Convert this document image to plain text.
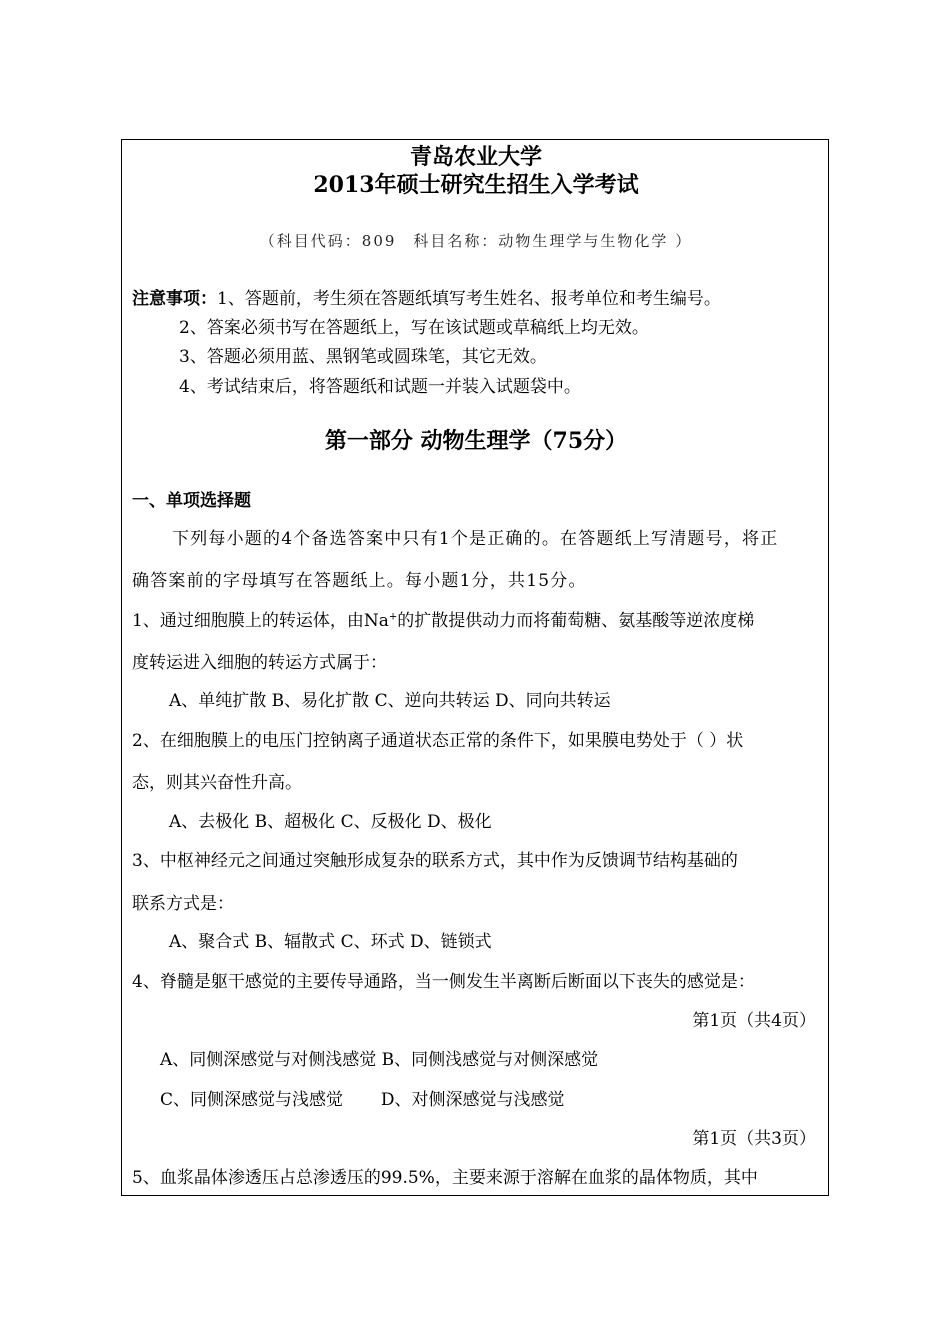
青岛农业大学
2013年硕士研究生招生入学考试
（科目代码：809　科目名称：动物生理学与生物化学 ）
注意事项：1、答题前，考生须在答题纸填写考生姓名、报考单位和考生编号。
2、答案必须书写在答题纸上，写在该试题或草稿纸上均无效。
3、答题必须用蓝、黑钢笔或圆珠笔，其它无效。
4、考试结束后，将答题纸和试题一并装入试题袋中。
第一部分 动物生理学（75分）
一、单项选择题
下列每小题的4个备选答案中只有1个是正确的。在答题纸上写清题号，将正
确答案前的字母填写在答题纸上。每小题1分，共15分。
1、通过细胞膜上的转运体，由Na+的扩散提供动力而将葡萄糖、氨基酸等逆浓度梯
度转运进入细胞的转运方式属于：
A、单纯扩散 B、易化扩散 C、逆向共转运 D、同向共转运
2、在细胞膜上的电压门控钠离子通道状态正常的条件下，如果膜电势处于（ ）状
态，则其兴奋性升高。
A、去极化 B、超极化 C、反极化 D、极化
3、中枢神经元之间通过突触形成复杂的联系方式，其中作为反馈调节结构基础的
联系方式是：
A、聚合式 B、辐散式 C、环式 D、链锁式
4、脊髓是躯干感觉的主要传导通路，当一侧发生半离断后断面以下丧失的感觉是：
第1页（共4页）
A、同侧深感觉与对侧浅感觉 B、同侧浅感觉与对侧深感觉
C、同侧深感觉与浅感觉       D、对侧深感觉与浅感觉
第1页（共3页）
5、血浆晶体渗透压占总渗透压的99.5%，主要来源于溶解在血浆的晶体物质，其中
